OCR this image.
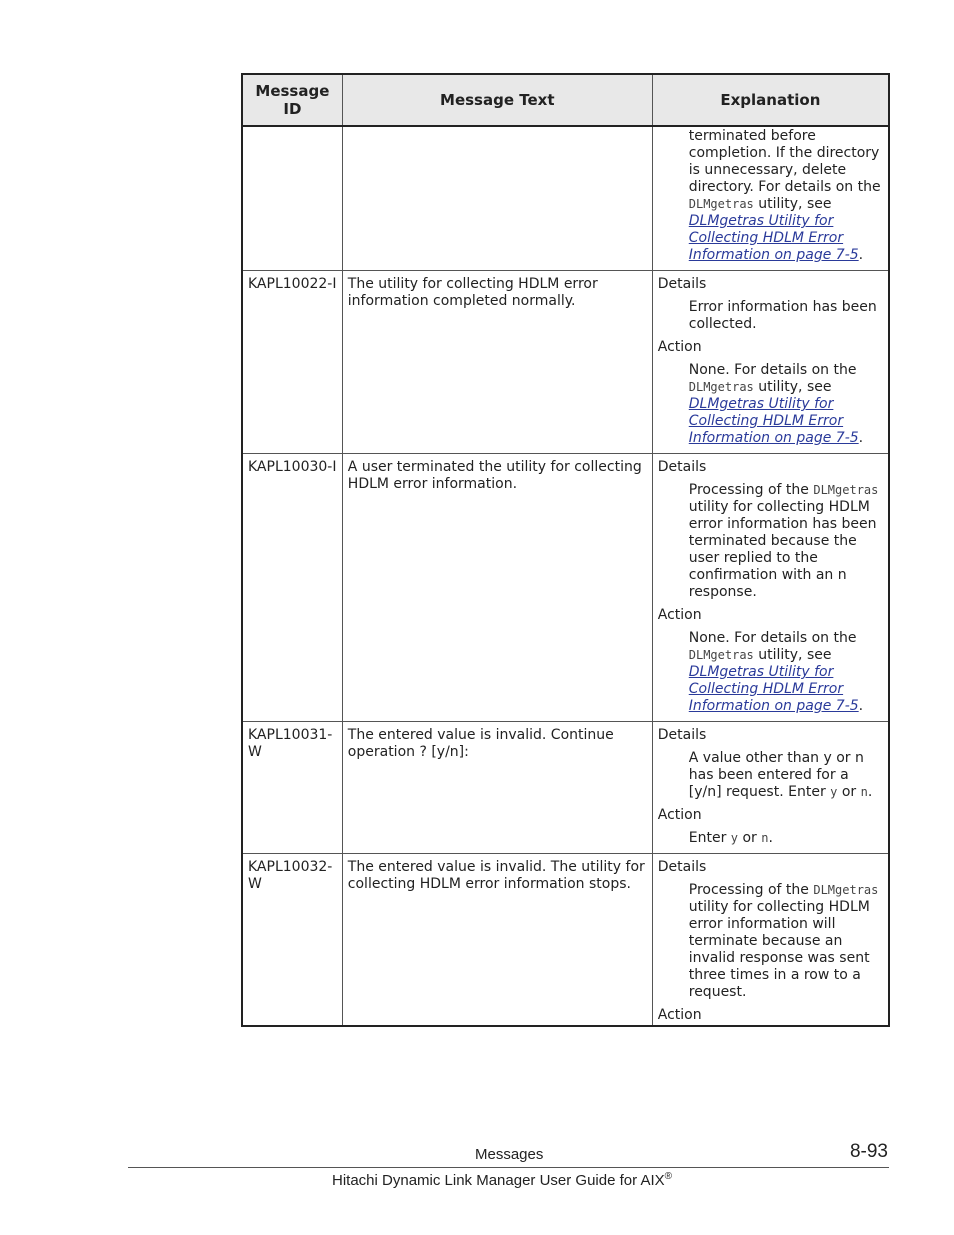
Message ID	Message Text	Explanation

		terminated before completion. If the directory is unnecessary, delete directory. For details on the DLMgetras utility, see DLMgetras Utility for Collecting HDLM Error Information on page 7-5.

KAPL10022-I	The utility for collecting HDLM error information completed normally.	Details

Error information has been collected.

Action

None. For details on the DLMgetras utility, see DLMgetras Utility for Collecting HDLM Error Information on page 7-5.

KAPL10030-I	A user terminated the utility for collecting HDLM error information.	Details

Processing of the DLMgetras utility for collecting HDLM error information has been terminated because the user replied to the confirmation with an n response.

Action

None. For details on the DLMgetras utility, see DLMgetras Utility for Collecting HDLM Error Information on page 7-5.

KAPL10031-W	The entered value is invalid. Continue operation ? [y/n]:	Details

A value other than y or n has been entered for a [y/n] request. Enter y or n.

Action

Enter y or n.

KAPL10032-W	The entered value is invalid. The utility for collecting HDLM error information stops.	Details

Processing of the DLMgetras utility for collecting HDLM error information will terminate because an invalid response was sent three times in a row to a request.

Action

Messages	8-93
Hitachi Dynamic Link Manager User Guide for AIX®
